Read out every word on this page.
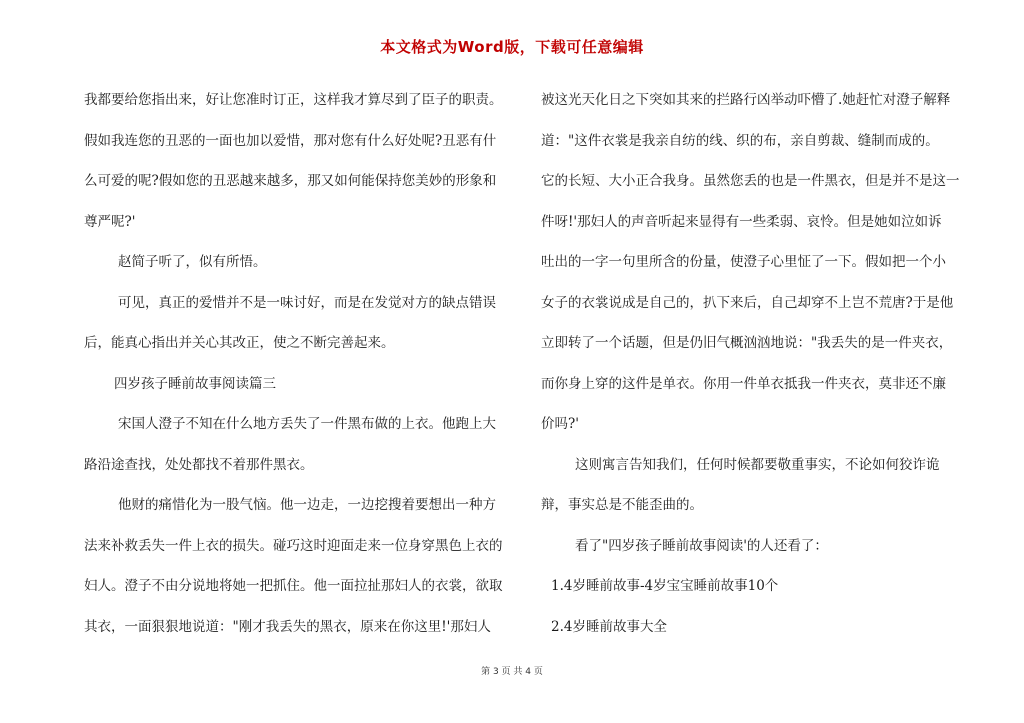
本文格式为Word版，下载可任意编辑
我都要给您指出来，好让您准时订正，这样我才算尽到了臣子的职责。
假如我连您的丑恶的一面也加以爱惜，那对您有什么好处呢?丑恶有什
么可爱的呢?假如您的丑恶越来越多，那又如何能保持您美妙的形象和
尊严呢?'
赵简子听了，似有所悟。
可见，真正的爱惜并不是一味讨好，而是在发觉对方的缺点错误
后，能真心指出并关心其改正，使之不断完善起来。
四岁孩子睡前故事阅读篇三
宋国人澄子不知在什么地方丢失了一件黑布做的上衣。他跑上大
路沿途查找，处处都找不着那件黑衣。
他财的痛惜化为一股气恼。他一边走，一边挖搜着要想出一种方
法来补救丢失一件上衣的损失。碰巧这时迎面走来一位身穿黑色上衣的
妇人。澄子不由分说地将她一把抓住。他一面拉扯那妇人的衣裳，欲取
其衣，一面狠狠地说道："刚才我丢失的黑衣，原来在你这里!'那妇人
被这光天化日之下突如其来的拦路行凶举动吓懵了.她赶忙对澄子解释
道："这件衣裳是我亲自纺的线、织的布，亲自剪裁、缝制而成的。
它的长短、大小正合我身。虽然您丢的也是一件黑衣，但是并不是这一
件呀!'那妇人的声音听起来显得有一些柔弱、哀怜。但是她如泣如诉
吐出的一字一句里所含的份量，使澄子心里怔了一下。假如把一个小
女子的衣裳说成是自己的，扒下来后，自己却穿不上岂不荒唐?于是他
立即转了一个话题，但是仍旧气概汹汹地说："我丢失的是一件夹衣，
而你身上穿的这件是单衣。你用一件单衣抵我一件夹衣，莫非还不廉
价吗?'
这则寓言告知我们，任何时候都要敬重事实，不论如何狡诈诡
辩，事实总是不能歪曲的。
看了"四岁孩子睡前故事阅读'的人还看了：
1.4岁睡前故事-4岁宝宝睡前故事10个
2.4岁睡前故事大全
第 3 页 共 4 页
